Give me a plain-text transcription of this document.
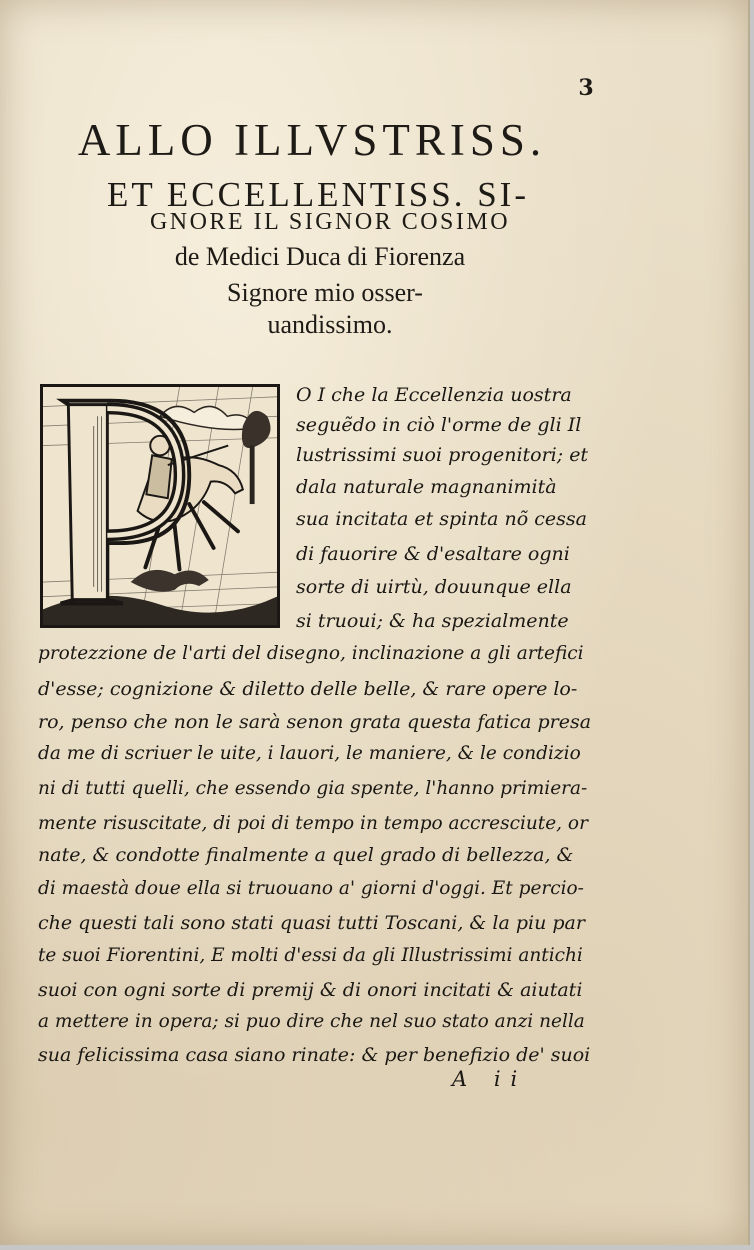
3

ALLO ILLVSTRISS.

ET ECCELLENTISS. SI-

GNORE IL SIGNOR COSIMO

de Medici Duca di Fiorenza

Signore mio osser-

uandissimo.

O I che la Eccellenzia uostra

seguẽdo in ciò l'orme de gli Il

lustrissimi suoi progenitori; et

dala naturale magnanimità

sua incitata et spinta nõ cessa

di fauorire & d'esaltare ogni

sorte di uirtù, douunque ella

si truoui; & ha spezialmente

protezzione de l'arti del disegno, inclinazione a gli artefici

d'esse; cognizione & diletto delle belle, & rare opere lo-

ro, penso che non le sarà senon grata questa fatica presa

da me di scriuer le uite, i lauori, le maniere, & le condizio

ni di tutti quelli, che essendo gia spente, l'hanno primiera-

mente risuscitate, di poi di tempo in tempo accresciute, or

nate, & condotte finalmente a quel grado di bellezza, &

di maestà doue ella si truouano a' giorni d'oggi. Et percio-

che questi tali sono stati quasi tutti Toscani, & la piu par

te suoi Fiorentini, E molti d'essi da gli Illustrissimi antichi

suoi con ogni sorte di premij & di onori incitati & aiutati

a mettere in opera; si puo dire che nel suo stato anzi nella

sua felicissima casa siano rinate: & per benefizio de' suoi

A ii
